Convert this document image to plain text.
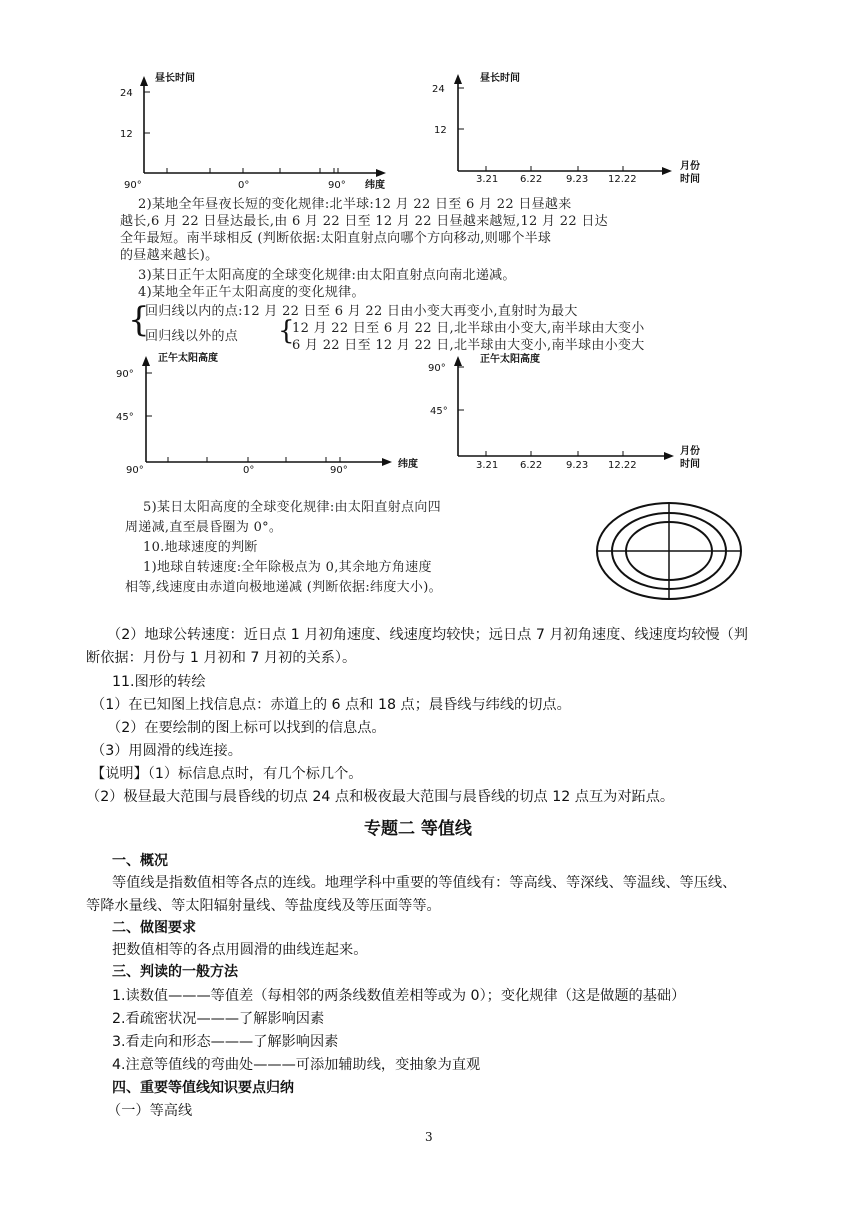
昼长时间
24
12
90°	0°	90° 纬度
昼长时间
24
12
3.21 6.22 9.23 12.22
月份
时间
2)某地全年昼夜长短的变化规律:北半球:12 月 22 日至 6 月 22 日昼越来
越长,6 月 22 日昼达最长,由 6 月 22 日至 12 月 22 日昼越来越短,12 月 22 日达
全年最短。南半球相反 (判断依据:太阳直射点向哪个方向移动,则哪个半球
的昼越来越长)。
3)某日正午太阳高度的全球变化规律:由太阳直射点向南北递减。
4)某地全年正午太阳高度的变化规律。
{
回归线以内的点:12 月 22 日至 6 月 22 日由小变大再变小,直射时为最大
回归线以外的点 {
12 月 22 日至 6 月 22 日,北半球由小变大,南半球由大变小
6 月 22 日至 12 月 22 日,北半球由大变小,南半球由小变大
正午太阳高度
90°
45°
90°	0°	90°
纬度
正午太阳高度
90°
45°
3.21 6.22 9.23 12.22
月份
时间
5)某日太阳高度的全球变化规律:由太阳直射点向四
周递减,直至晨昏圈为 0°。
10.地球速度的判断
1)地球自转速度:全年除极点为 0,其余地方角速度
相等,线速度由赤道向极地递减 (判断依据:纬度大小)。
（2）地球公转速度：近日点 1 月初角速度、线速度均较快；远日点 7 月初角速度、线速度均较慢（判
断依据：月份与 1 月初和 7 月初的关系）。
11.图形的转绘
（1）在已知图上找信息点：赤道上的 6 点和 18 点；晨昏线与纬线的切点。
（2）在要绘制的图上标可以找到的信息点。
（3）用圆滑的线连接。
【说明】（1）标信息点时，有几个标几个。
（2）极昼最大范围与晨昏线的切点 24 点和极夜最大范围与晨昏线的切点 12 点互为对跖点。
专题二 等值线
一、概况
等值线是指数值相等各点的连线。地理学科中重要的等值线有：等高线、等深线、等温线、等压线、
等降水量线、等太阳辐射量线、等盐度线及等压面等等。
二、做图要求
把数值相等的各点用圆滑的曲线连起来。
三、判读的一般方法
1.读数值———等值差（每相邻的两条线数值差相等或为 0）；变化规律（这是做题的基础）
2.看疏密状况———了解影响因素
3.看走向和形态———了解影响因素
4.注意等值线的弯曲处———可添加辅助线，变抽象为直观
四、重要等值线知识要点归纳
（一）等高线
3
